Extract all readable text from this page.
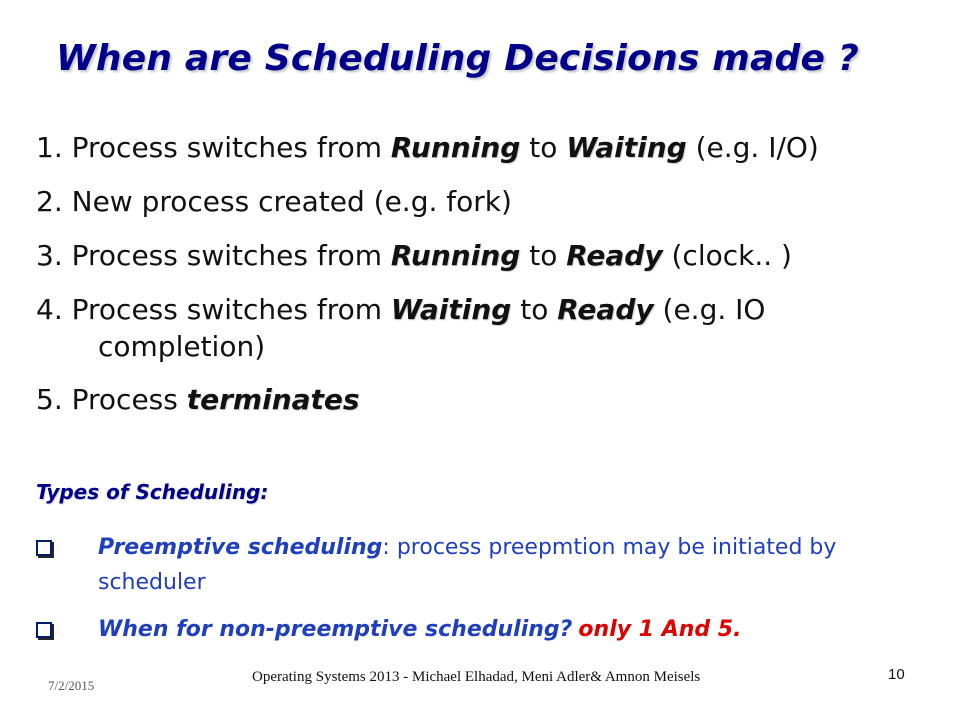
When are Scheduling Decisions made ?
1. Process switches from Running to Waiting (e.g. I/O)
2. New process created (e.g. fork)
3. Process switches from Running to Ready (clock.. )
4. Process switches from Waiting to Ready (e.g. IO
completion)
5. Process terminates
Types of Scheduling:
Preemptive scheduling: process preepmtion may be initiated by scheduler
When for non-preemptive scheduling? only 1 And 5.
7/2/2015
Operating Systems 2013 - Michael Elhadad, Meni Adler& Amnon Meisels	10
